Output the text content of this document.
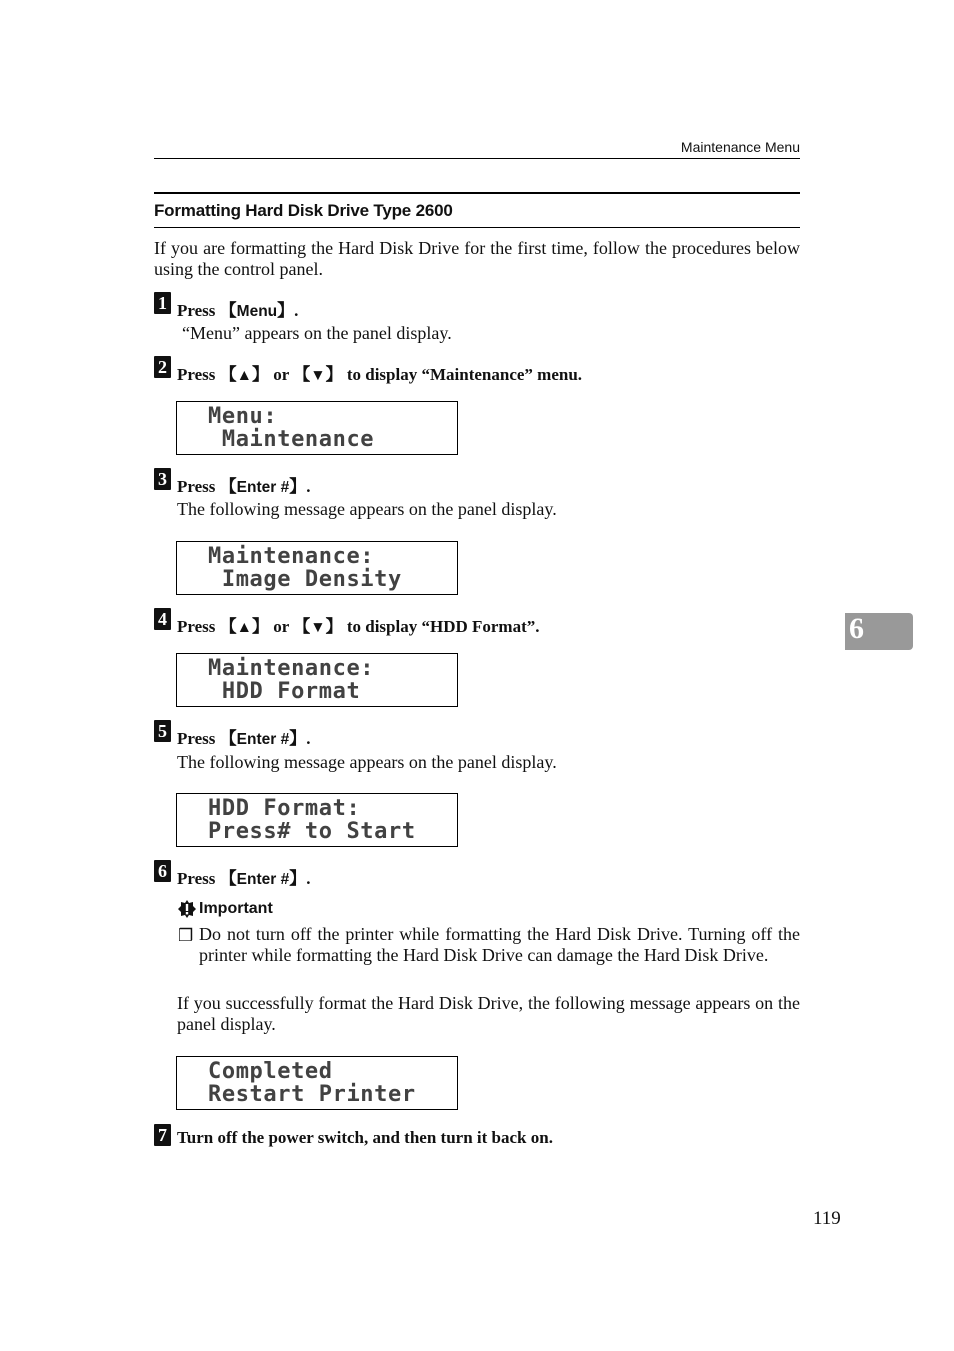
Maintenance Menu
Formatting Hard Disk Drive Type 2600
If you are formatting the Hard Disk Drive for the first time, follow the procedures below using the control panel.
1 Press 【Menu】.
“Menu” appears on the panel display.
2 Press 【▲】 or 【▼】 to display “Maintenance” menu.
Menu:
Maintenance
3 Press 【Enter #】.
The following message appears on the panel display.
Maintenance:
Image Density
4 Press 【▲】 or 【▼】 to display “HDD Format”.
Maintenance:
HDD Format
5 Press 【Enter #】.
The following message appears on the panel display.
HDD Format:
Press# to Start
6 Press 【Enter #】.
Important
❒ Do not turn off the printer while formatting the Hard Disk Drive. Turning off the printer while formatting the Hard Disk Drive can damage the Hard Disk Drive.
If you successfully format the Hard Disk Drive, the following message appears on the panel display.
Completed
Restart Printer
7 Turn off the power switch, and then turn it back on.
6
119
